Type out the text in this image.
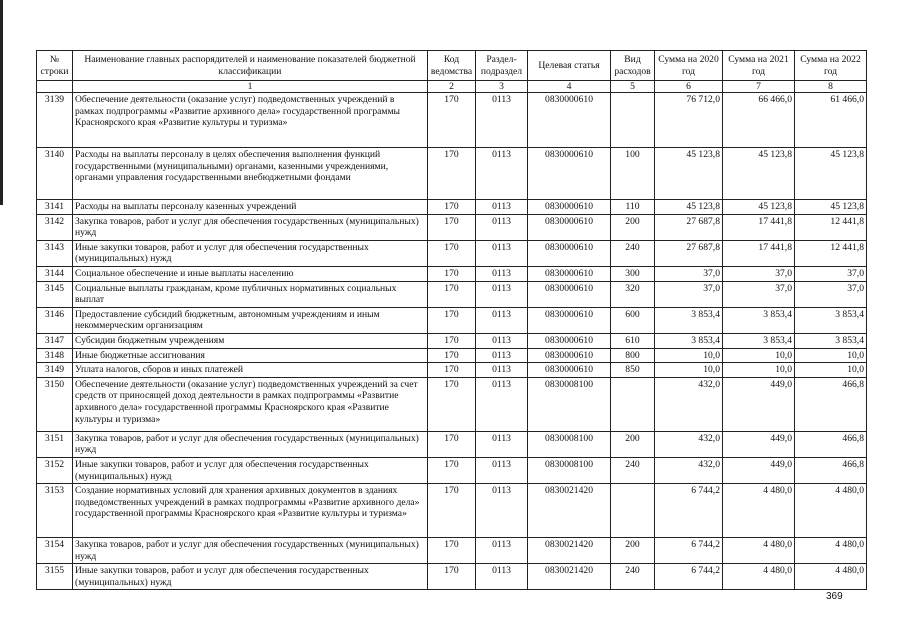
№ строки	Наименование главных распорядителей и наименование показателей бюджетной классификации	Код ведомства	Раздел-подраздел	Целевая статья	Вид расходов	Сумма на 2020 год	Сумма на 2021 год	Сумма на 2022 год
	1	2	3	4	5	6	7	8
3139	Обеспечение деятельности (оказание услуг) подведомственных учреждений в рамках подпрограммы «Развитие архивного дела» государственной программы Красноярского края «Развитие культуры и туризма»	170	0113	0830000610		76 712,0	66 466,0	61 466,0
3140	Расходы на выплаты персоналу в целях обеспечения выполнения функций государственными (муниципальными) органами, казенными учреждениями, органами управления государственными внебюджетными фондами	170	0113	0830000610	100	45 123,8	45 123,8	45 123,8
3141	Расходы на выплаты персоналу казенных учреждений	170	0113	0830000610	110	45 123,8	45 123,8	45 123,8
3142	Закупка товаров, работ и услуг для обеспечения государственных (муниципальных) нужд	170	0113	0830000610	200	27 687,8	17 441,8	12 441,8
3143	Иные закупки товаров, работ и услуг для обеспечения государственных (муниципальных) нужд	170	0113	0830000610	240	27 687,8	17 441,8	12 441,8
3144	Социальное обеспечение и иные выплаты населению	170	0113	0830000610	300	37,0	37,0	37,0
3145	Социальные выплаты гражданам, кроме публичных нормативных социальных выплат	170	0113	0830000610	320	37,0	37,0	37,0
3146	Предоставление субсидий бюджетным, автономным учреждениям и иным некоммерческим организациям	170	0113	0830000610	600	3 853,4	3 853,4	3 853,4
3147	Субсидии бюджетным учреждениям	170	0113	0830000610	610	3 853,4	3 853,4	3 853,4
3148	Иные бюджетные ассигнования	170	0113	0830000610	800	10,0	10,0	10,0
3149	Уплата налогов, сборов и иных платежей	170	0113	0830000610	850	10,0	10,0	10,0
3150	Обеспечение деятельности (оказание услуг) подведомственных учреждений за счет средств от приносящей доход деятельности в рамках подпрограммы «Развитие архивного дела» государственной программы Красноярского края «Развитие культуры и туризма»	170	0113	0830008100		432,0	449,0	466,8
3151	Закупка товаров, работ и услуг для обеспечения государственных (муниципальных) нужд	170	0113	0830008100	200	432,0	449,0	466,8
3152	Иные закупки товаров, работ и услуг для обеспечения государственных (муниципальных) нужд	170	0113	0830008100	240	432,0	449,0	466,8
3153	Создание нормативных условий для хранения архивных документов в зданиях подведомственных учреждений в рамках подпрограммы «Развитие архивного дела» государственной программы Красноярского края «Развитие культуры и туризма»	170	0113	0830021420		6 744,2	4 480,0	4 480,0
3154	Закупка товаров, работ и услуг для обеспечения государственных (муниципальных) нужд	170	0113	0830021420	200	6 744,2	4 480,0	4 480,0
3155	Иные закупки товаров, работ и услуг для обеспечения государственных (муниципальных) нужд	170	0113	0830021420	240	6 744,2	4 480,0	4 480,0
369
